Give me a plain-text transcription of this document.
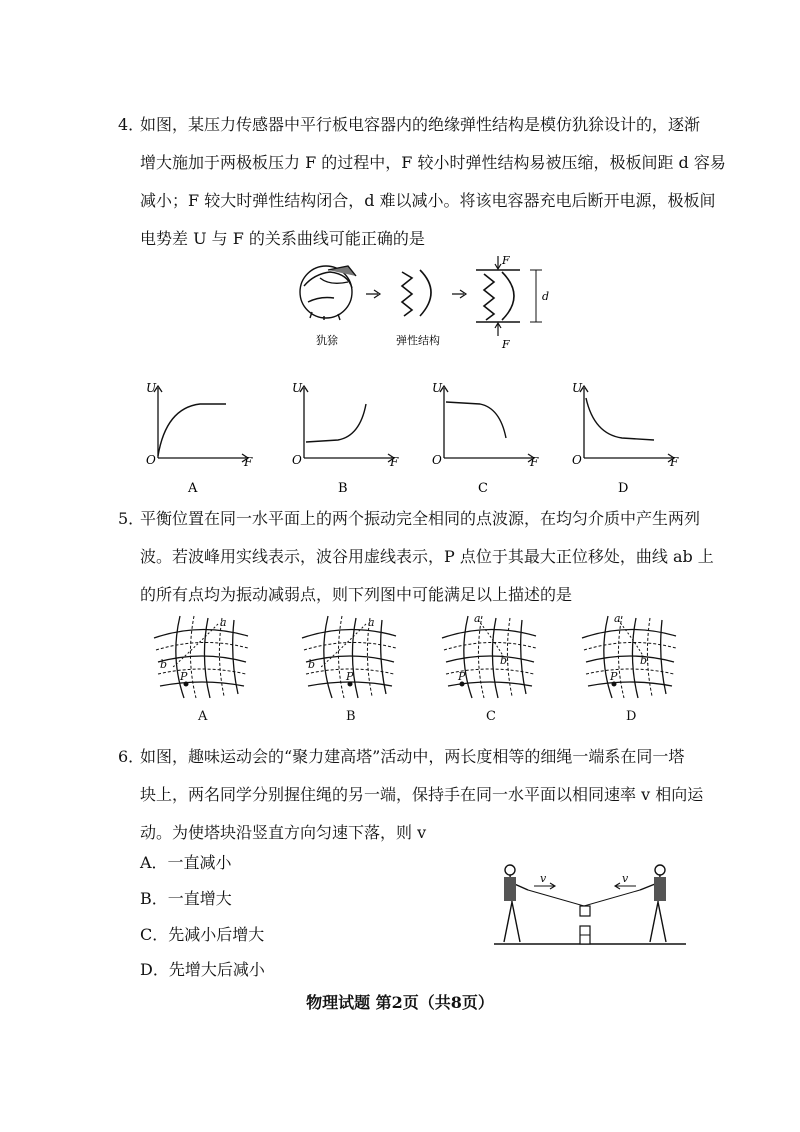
4．
如图，某压力传感器中平行板电容器内的绝缘弹性结构是模仿犰狳设计的，逐渐
增大施加于两极板压力 F 的过程中，F 较小时弹性结构易被压缩，极板间距 d 容易
减小；F 较大时弹性结构闭合，d 难以减小。将该电容器充电后断开电源，极板间
电势差 U 与 F 的关系曲线可能正确的是
犰狳	弹性结构
F
F
d
U
O	F
A
U
O	F
B
U
O	F
C
U
O	F
D
5．
平衡位置在同一水平面上的两个振动完全相同的点波源，在均匀介质中产生两列
波。若波峰用实线表示，波谷用虚线表示，P 点位于其最大正位移处，曲线 ab 上
的所有点均为振动减弱点，则下列图中可能满足以上描述的是
a
b
P
A
a
b
P
B
a
b
P
C
a
b
P
D
6．
如图，趣味运动会的“聚力建高塔”活动中，两长度相等的细绳一端系在同一塔
块上，两名同学分别握住绳的另一端，保持手在同一水平面以相同速率 v 相向运
动。为使塔块沿竖直方向匀速下落，则 v
A．一直减小
B．一直增大
C．先减小后增大
D．先增大后减小
v	v
物理试题 第2页（共8页）
